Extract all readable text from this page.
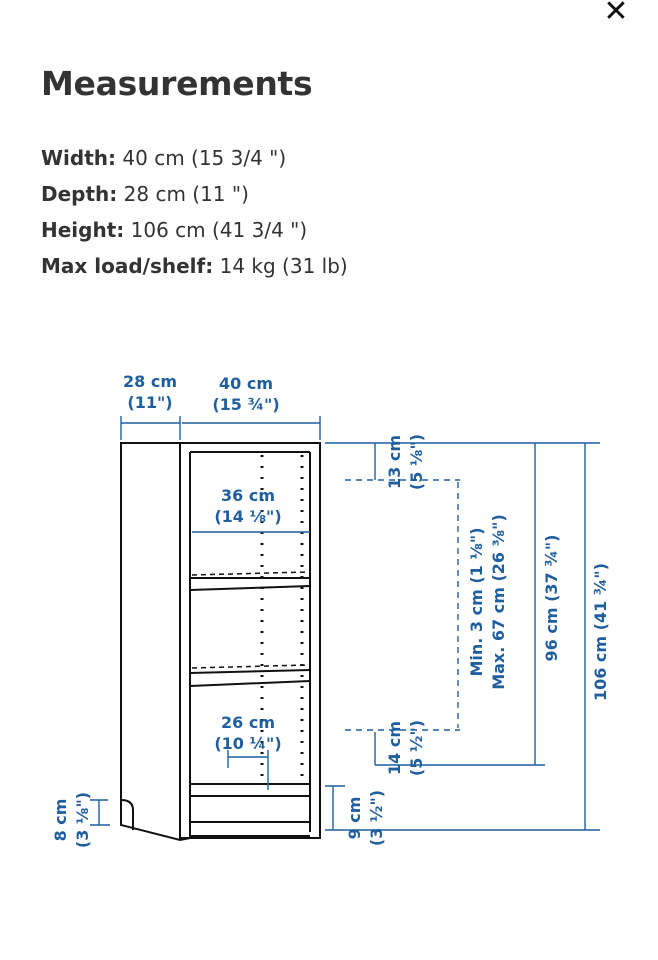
✕
Measurements
Width: 40 cm (15 3/4 ")
Depth: 28 cm (11 ")
Height: 106 cm (41 3/4 ")
Max load/shelf: 14 kg (31 lb)
28 cm
(11")
40 cm
(15 ¾")
36 cm
(14 ⅛")
26 cm
(10 ¼")
13 cm (5 ⅛")
14 cm (5 ½")
Min. 3 cm (1 ⅛") Max. 67 cm (26 ⅜") 96 cm (37 ¾") 106 cm (41 ¾")
9 cm (3 ½")
8 cm (3 ⅛")
